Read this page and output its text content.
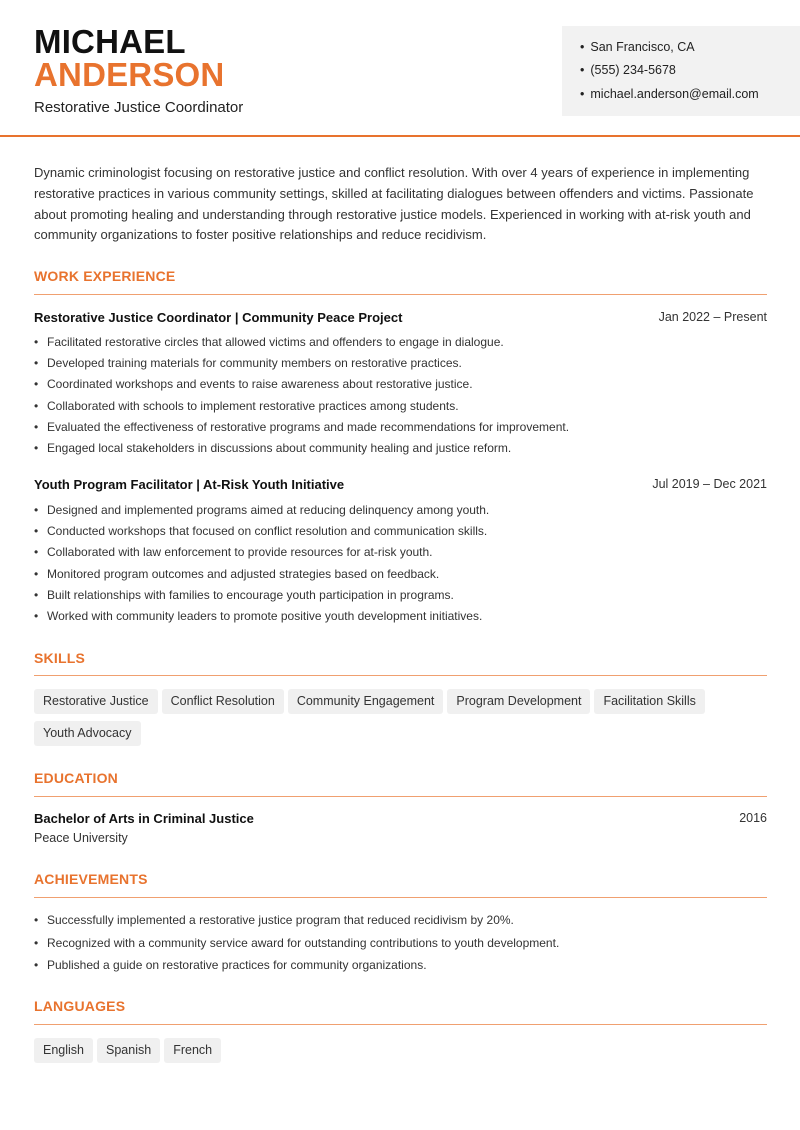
MICHAEL
ANDERSON
Restorative Justice Coordinator
• San Francisco, CA
• (555) 234-5678
• michael.anderson@email.com
Dynamic criminologist focusing on restorative justice and conflict resolution. With over 4 years of experience in implementing restorative practices in various community settings, skilled at facilitating dialogues between offenders and victims. Passionate about promoting healing and understanding through restorative justice models. Experienced in working with at-risk youth and community organizations to foster positive relationships and reduce recidivism.
WORK EXPERIENCE
Restorative Justice Coordinator | Community Peace Project	Jan 2022 – Present
• Facilitated restorative circles that allowed victims and offenders to engage in dialogue.
• Developed training materials for community members on restorative practices.
• Coordinated workshops and events to raise awareness about restorative justice.
• Collaborated with schools to implement restorative practices among students.
• Evaluated the effectiveness of restorative programs and made recommendations for improvement.
• Engaged local stakeholders in discussions about community healing and justice reform.
Youth Program Facilitator | At-Risk Youth Initiative	Jul 2019 – Dec 2021
• Designed and implemented programs aimed at reducing delinquency among youth.
• Conducted workshops that focused on conflict resolution and communication skills.
• Collaborated with law enforcement to provide resources for at-risk youth.
• Monitored program outcomes and adjusted strategies based on feedback.
• Built relationships with families to encourage youth participation in programs.
• Worked with community leaders to promote positive youth development initiatives.
SKILLS
Restorative Justice Conflict Resolution Community Engagement Program Development Facilitation Skills
Youth Advocacy
EDUCATION
Bachelor of Arts in Criminal Justice	2016
Peace University
ACHIEVEMENTS
• Successfully implemented a restorative justice program that reduced recidivism by 20%.
• Recognized with a community service award for outstanding contributions to youth development.
• Published a guide on restorative practices for community organizations.
LANGUAGES
English Spanish French
